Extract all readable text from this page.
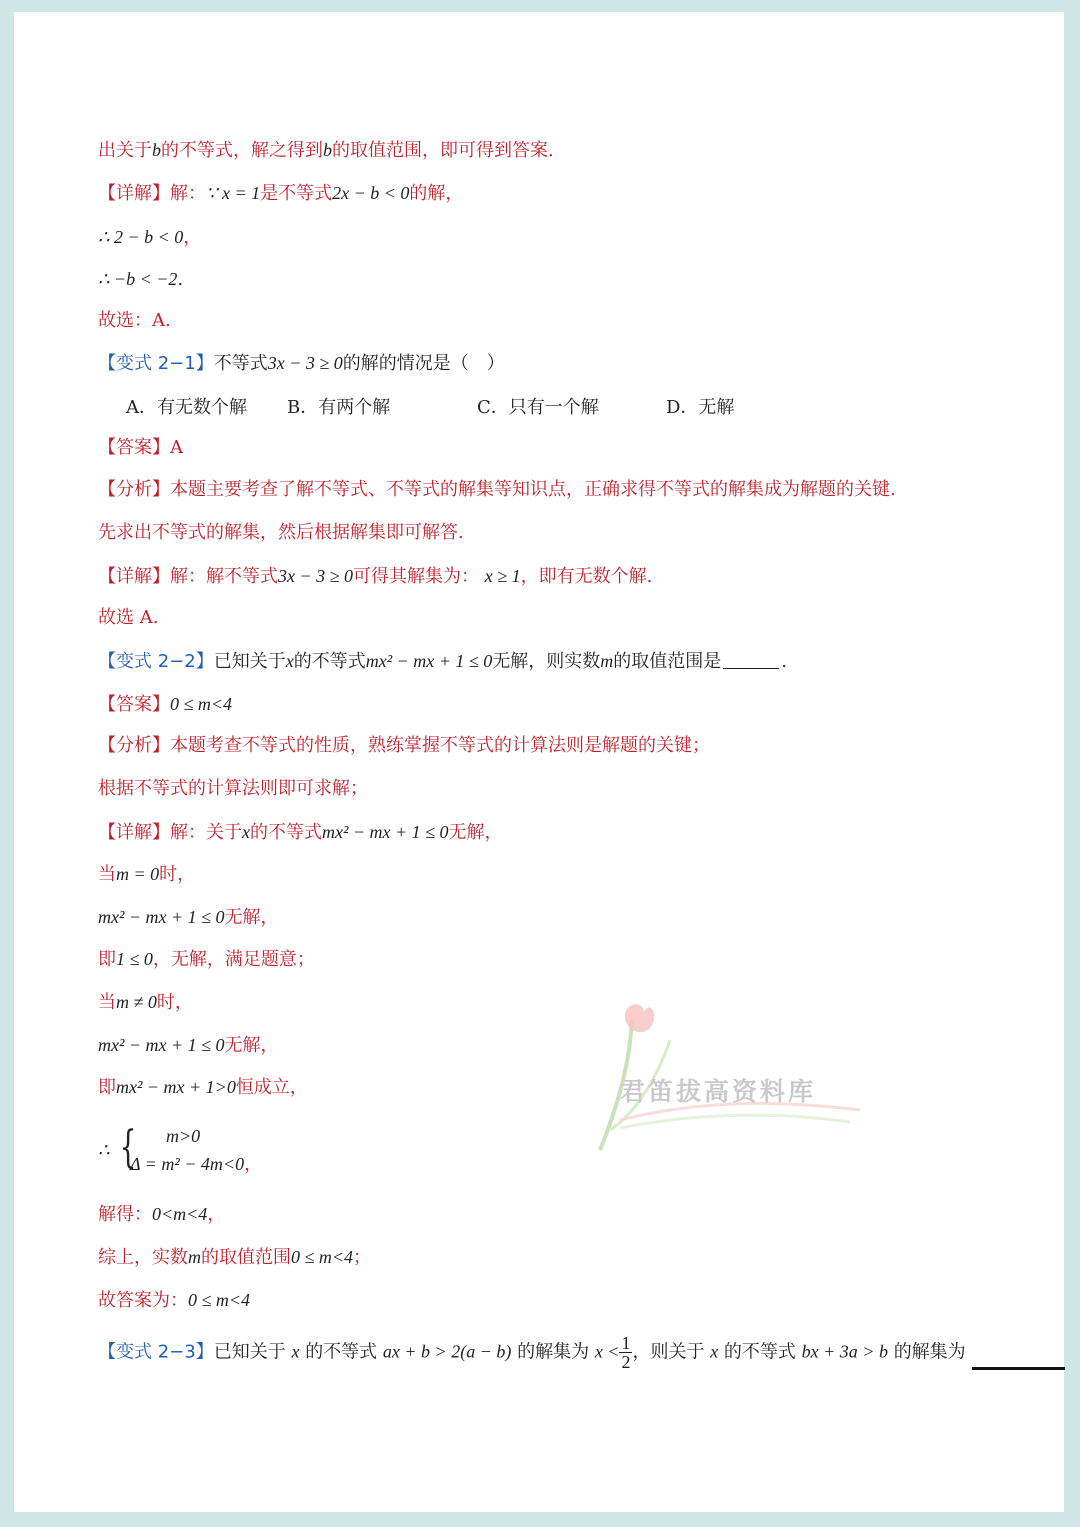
出关于b的不等式，解之得到b的取值范围，即可得到答案.
【详解】解：∵ x = 1是不等式2x − b < 0的解，
∴ 2 − b < 0，
∴ −b < −2.
故选：A.
【变式 2−1】不等式3x − 3 ≥ 0的解的情况是（　）
A．有无数个解 B．有两个解	C．只有一个解	D．无解
【答案】A
【分析】本题主要考查了解不等式、不等式的解集等知识点，正确求得不等式的解集成为解题的关键.
先求出不等式的解集，然后根据解集即可解答.
【详解】解：解不等式3x − 3 ≥ 0可得其解集为： x ≥ 1，即有无数个解.
故选 A.
【变式 2−2】已知关于x的不等式mx² − mx + 1 ≤ 0无解，则实数m的取值范围是	.
【答案】0 ≤ m<4
【分析】本题考查不等式的性质，熟练掌握不等式的计算法则是解题的关键；
根据不等式的计算法则即可求解；
【详解】解：关于x的不等式mx² − mx + 1 ≤ 0无解，
当m = 0时，
mx² − mx + 1 ≤ 0无解，
即1 ≤ 0，无解，满足题意；
当m ≠ 0时，
mx² − mx + 1 ≤ 0无解，
即mx² − mx + 1>0恒成立，
∴ { m>0
Δ = m² − 4m<0，
解得：0<m<4，
综上，实数m的取值范围0 ≤ m<4；
故答案为：0 ≤ m<4
【变式 2−3】已知关于 x 的不等式 ax + b > 2(a − b) 的解集为 $x < \frac{1}{2}$ ，则关于 x 的不等式 bx + 3a > b 的解集为
君笛拔高资料库
